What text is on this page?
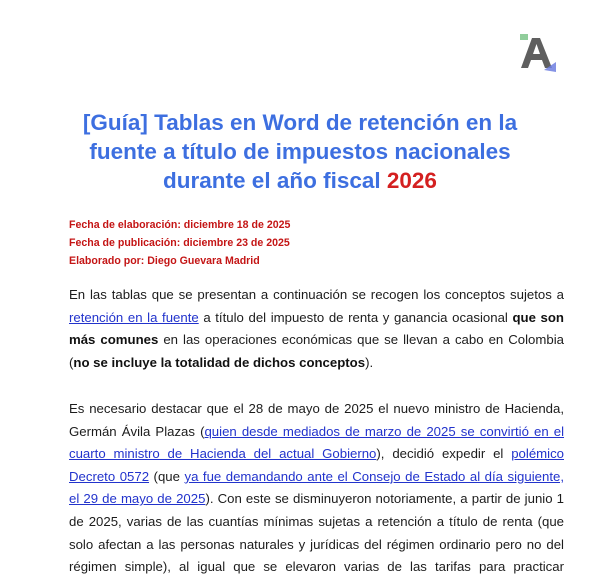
[Guía] Tablas en Word de retención en la
fuente a título de impuestos nacionales
durante el año fiscal 2026
Fecha de elaboración: diciembre 18 de 2025
Fecha de publicación: diciembre 23 de 2025
Elaborado por: Diego Guevara Madrid
En las tablas que se presentan a continuación se recogen los conceptos sujetos a
retención en la fuente a título del impuesto de renta y ganancia ocasional que son
más comunes en las operaciones económicas que se llevan a cabo en Colombia
(no se incluye la totalidad de dichos conceptos).
Es necesario destacar que el 28 de mayo de 2025 el nuevo ministro de Hacienda,
Germán Ávila Plazas (quien desde mediados de marzo de 2025 se convirtió en el
cuarto ministro de Hacienda del actual Gobierno), decidió expedir el polémico
Decreto 0572 (que ya fue demandando ante el Consejo de Estado al día siguiente,
el 29 de mayo de 2025). Con este se disminuyeron notoriamente, a partir de junio 1
de 2025, varias de las cuantías mínimas sujetas a retención a título de renta (que
solo afectan a las personas naturales y jurídicas del régimen ordinario pero no del
régimen simple), al igual que se elevaron varias de las tarifas para practicar
